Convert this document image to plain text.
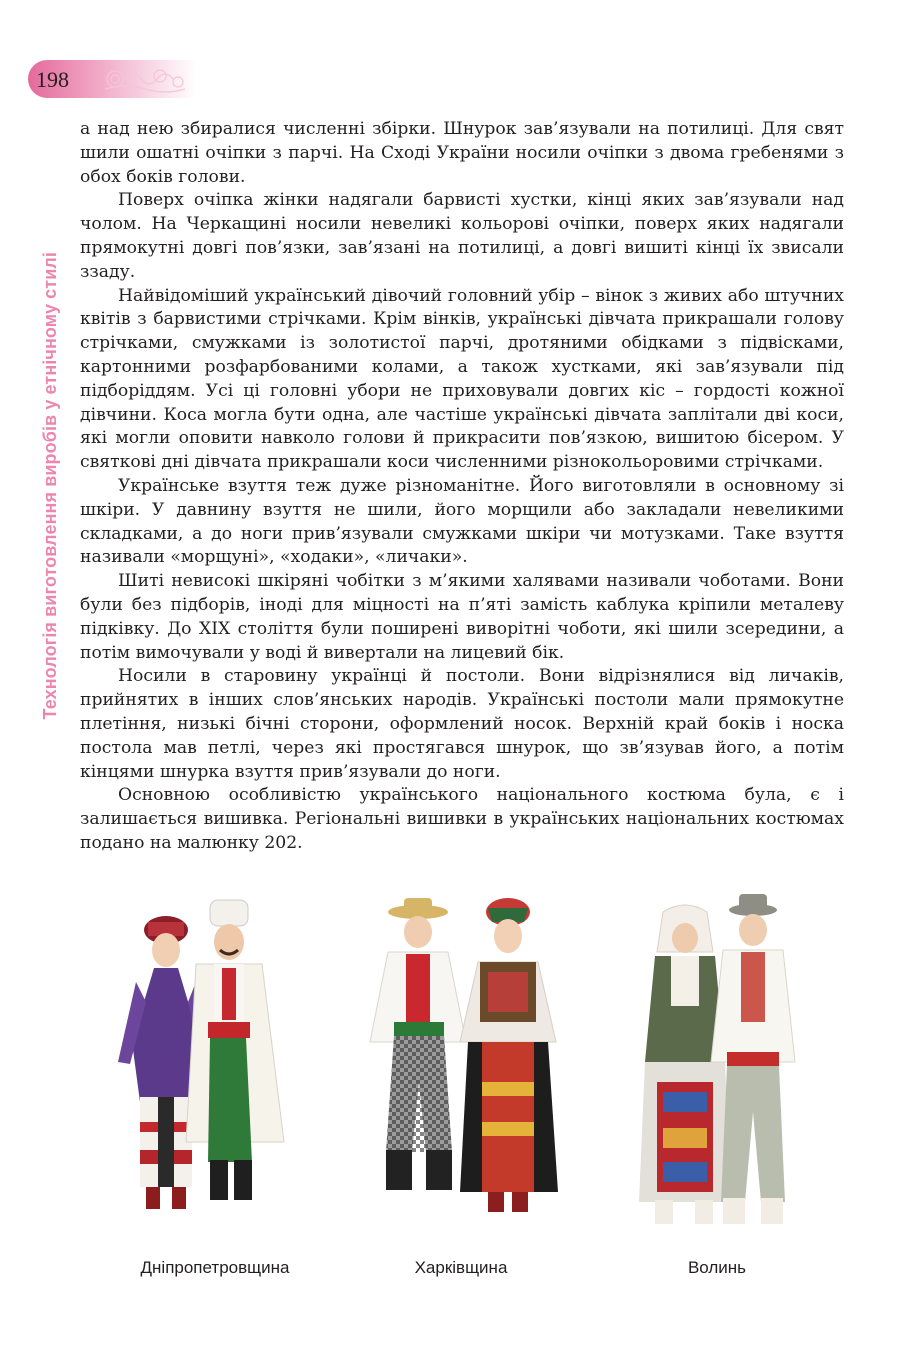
198
Технологія виготовлення виробів у етнічному стилі

а над нею збиралися численні збірки. Шнурок зав’язували на потилиці. Для свят шили ошатні очіпки з парчі. На Сході України носили очіпки з двома гребенями з обох боків голови.

Поверх очіпка жінки надягали барвисті хустки, кінці яких зав’язували над чолом. На Черкащині носили невеликі кольорові очіпки, поверх яких надягали прямокутні довгі пов’язки, зав’язані на потилиці, а довгі вишиті кінці їх звисали ззаду.

Найвідоміший український дівочий головний убір – вінок з живих або штучних квітів з барвистими стрічками. Крім вінків, українські дівчата прикрашали голову стрічками, смужками із золотистої парчі, дротяними обідками з підвісками, картонними розфарбованими колами, а також хустками, які зав’язували під підборіддям. Усі ці головні убори не приховували довгих кіс – гордості кожної дівчини. Коса могла бути одна, але частіше українські дівчата заплітали дві коси, які могли оповити навколо голови й прикрасити пов’язкою, вишитою бісером. У святкові дні дівчата прикрашали коси численними різнокольоровими стрічками.

Українське взуття теж дуже різноманітне. Його виготовляли в основному зі шкіри. У давнину взуття не шили, його морщили або закладали невеликими складками, а до ноги прив’язували смужками шкіри чи мотузками. Таке взуття називали «морщуні», «ходаки», «личаки».

Шиті невисокі шкіряні чобітки з м’якими халявами називали чоботами. Вони були без підборів, іноді для міцності на п’яті замість каблука кріпили металеву підківку. До XIX століття були поширені виворітні чоботи, які шили зсередини, а потім вимочували у воді й вивертали на лицевий бік.

Носили в старовину українці й постоли. Вони відрізнялися від личаків, прийнятих в інших слов’янських народів. Українські постоли мали прямокутне плетіння, низькі бічні сторони, оформлений носок. Верхній край боків і носка постола мав петлі, через які простягався шнурок, що зв’язував його, а потім кінцями шнурка взуття прив’язували до ноги.

Основною особливістю українського національного костюма була, є і залишається вишивка. Регіональні вишивки в українських національних костюмах подано на малюнку 202.

Дніпропетровщина	Харківщина	Волинь
